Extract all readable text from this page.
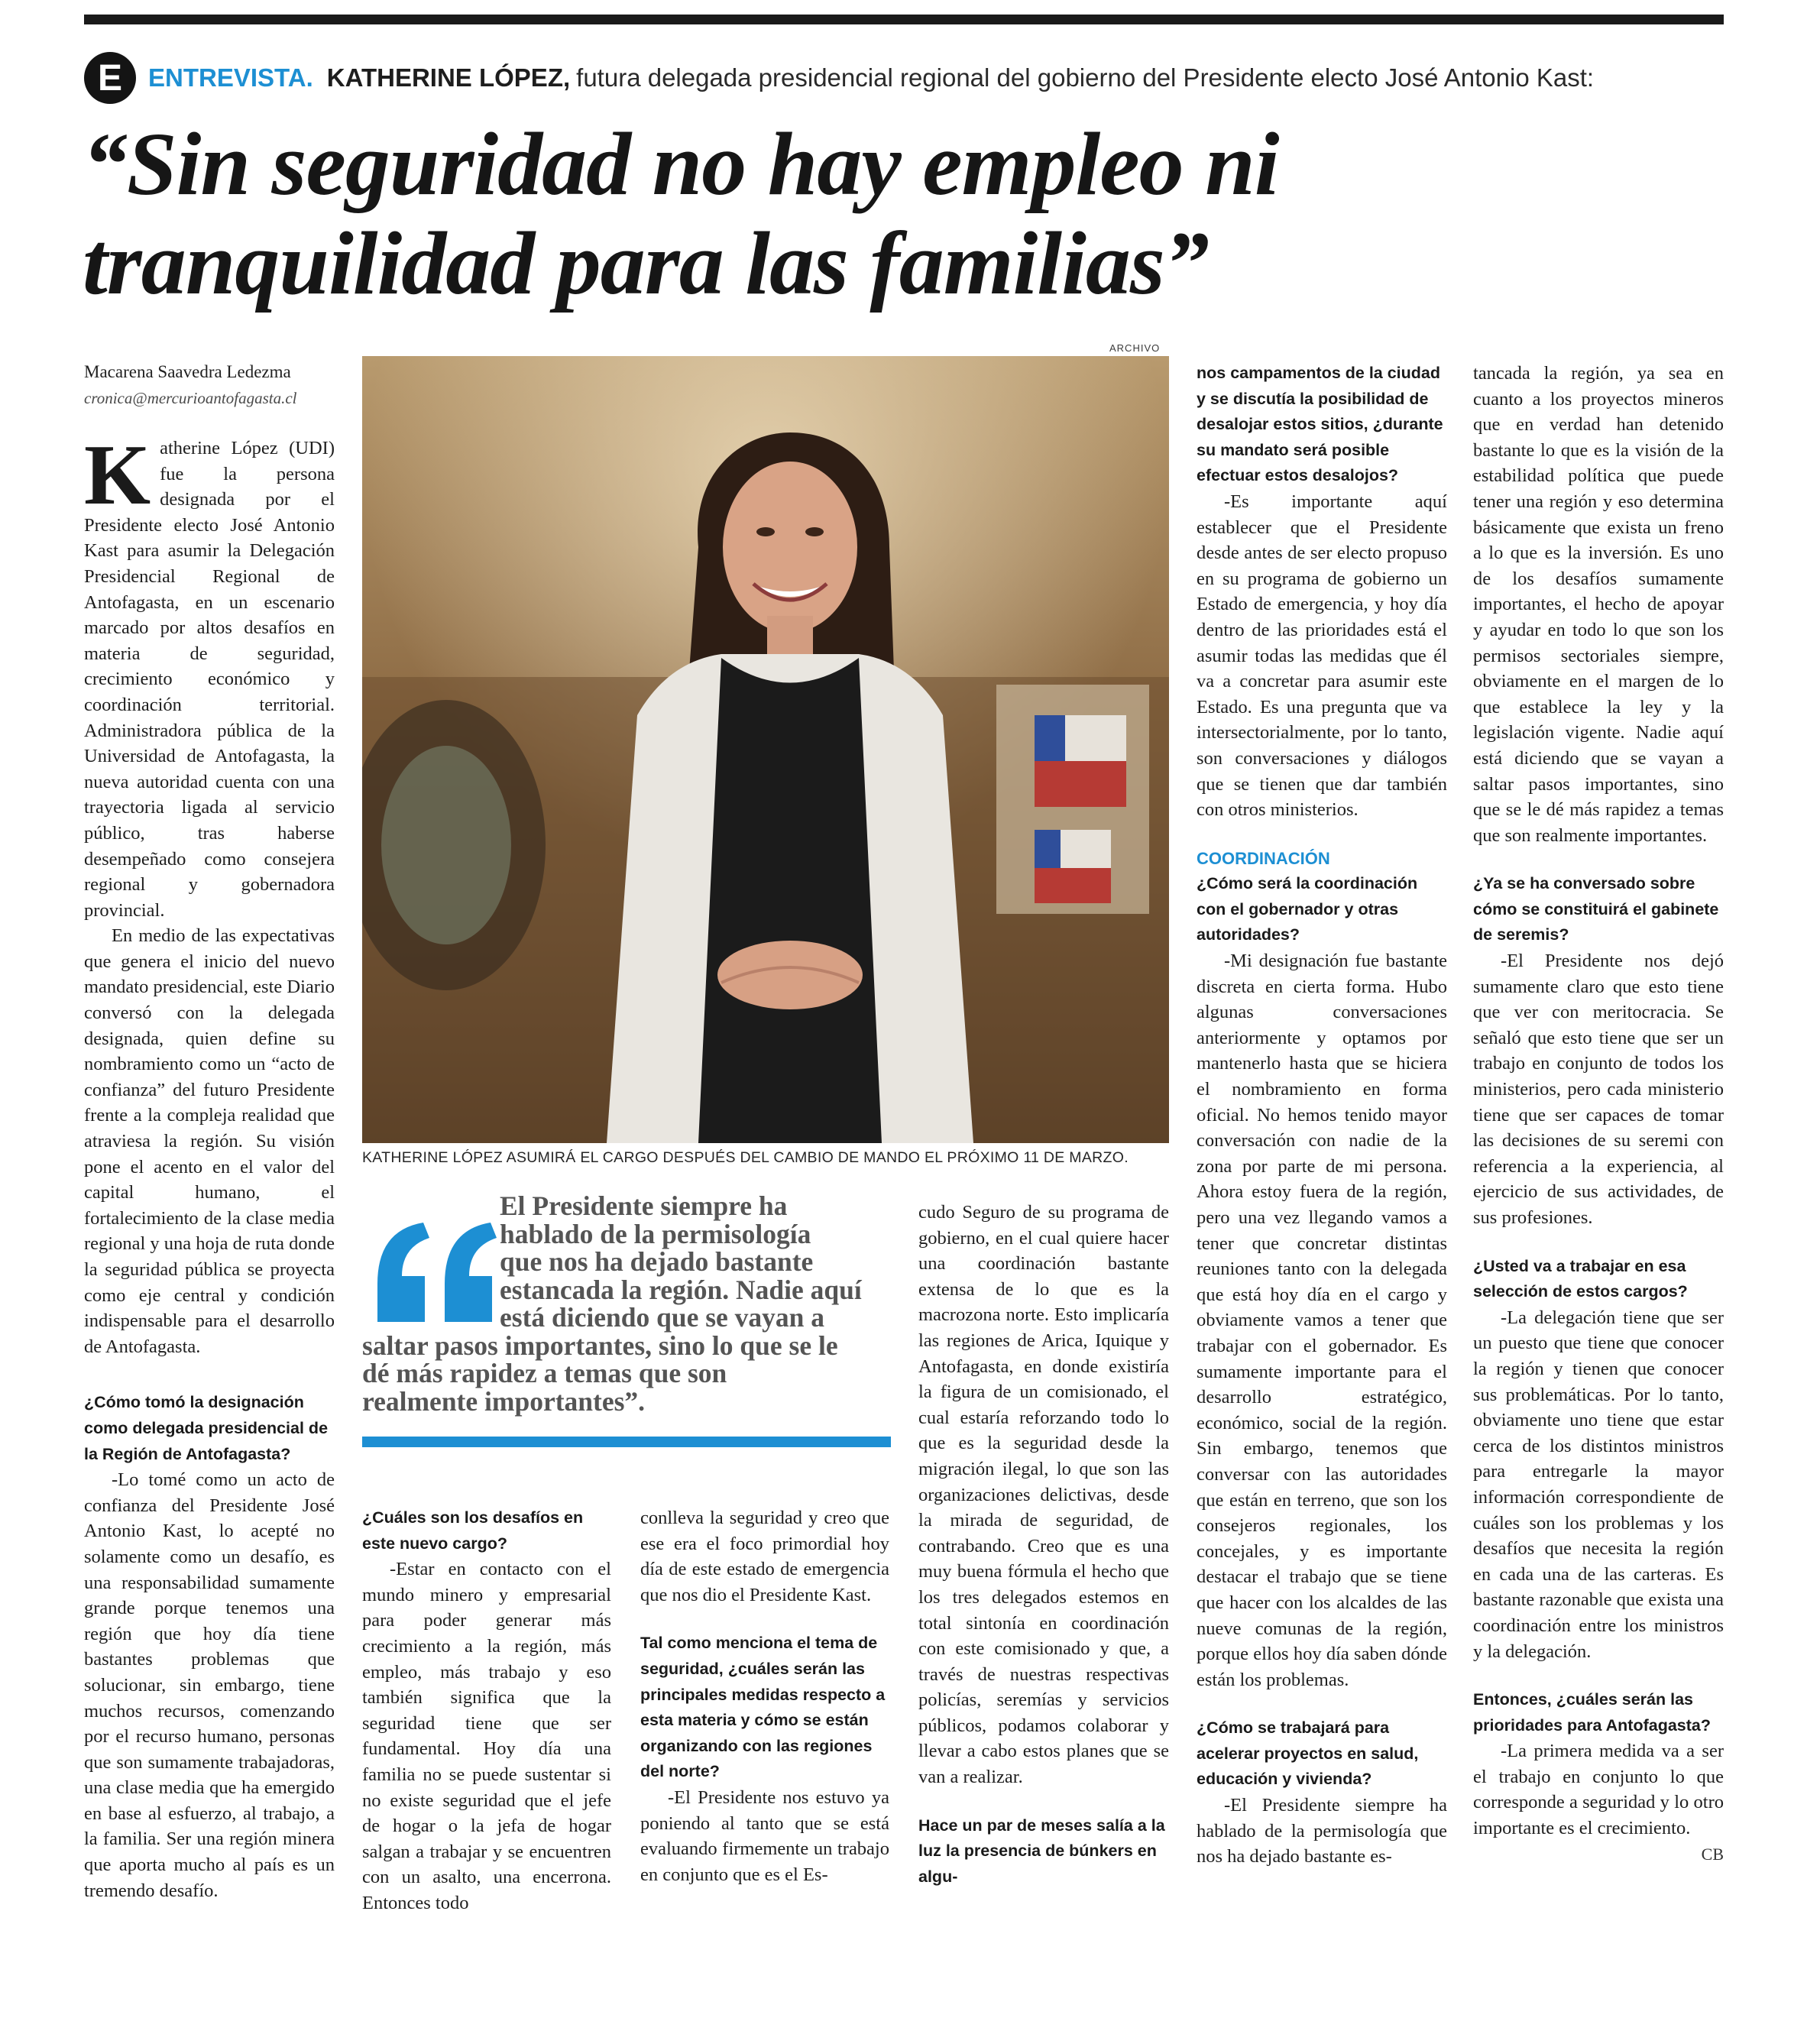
E	ENTREVISTA. KATHERINE LÓPEZ, futura delegada presidencial regional del gobierno del Presidente electo José Antonio Kast:
“Sin seguridad no hay empleo ni
tranquilidad para las familias”
Macarena Saavedra Ledezma
cronica@mercurioantofagasta.cl

Katherine López (UDI) fue la persona designada por el Presidente electo José Antonio Kast para asumir la Delegación Presidencial Regional de Antofagasta, en un escenario marcado por altos desafíos en materia de seguridad, crecimiento económico y coordinación territorial. Administradora pública de la Universidad de Antofagasta, la nueva autoridad cuenta con una trayectoria ligada al servicio público, tras haberse desempeñado como consejera regional y gobernadora provincial.

En medio de las expectativas que genera el inicio del nuevo mandato presidencial, este Diario conversó con la delegada designada, quien define su nombramiento como un “acto de confianza” del futuro Presidente frente a la compleja realidad que atraviesa la región. Su visión pone el acento en el valor del capital humano, el fortalecimiento de la clase media regional y una hoja de ruta donde la seguridad pública se proyecta como eje central y condición indispensable para el desarrollo de Antofagasta.

¿Cómo tomó la designación como delegada presidencial de la Región de Antofagasta?

-Lo tomé como un acto de confianza del Presidente José Antonio Kast, lo acepté no solamente como un desafío, es una responsabilidad sumamente grande porque tenemos una región que hoy día tiene bastantes problemas que solucionar, sin embargo, tiene muchos recursos, comenzando por el recurso humano, personas que son sumamente trabajadoras, una clase media que ha emergido en base al esfuerzo, al trabajo, a la familia. Ser una región minera que aporta mucho al país es un tremendo desafío.

ARCHIVO
KATHERINE LÓPEZ ASUMIRÁ EL CARGO DESPUÉS DEL CAMBIO DE MANDO EL PRÓXIMO 11 DE MARZO.
El Presidente siempre ha
hablado de la permisología
que nos ha dejado bastante
estancada la región. Nadie aquí
está diciendo que se vayan a
saltar pasos importantes, sino lo que se le
dé más rapidez a temas que son
realmente importantes”.

¿Cuáles son los desafíos en este nuevo cargo?

-Estar en contacto con el mundo minero y empresarial para poder generar más crecimiento a la región, más empleo, más trabajo y eso también significa que la seguridad tiene que ser fundamental. Hoy día una familia no se puede sustentar si no existe seguridad que el jefe de hogar o la jefa de hogar salgan a trabajar y se encuentren con un asalto, una encerrona. Entonces todo

conlleva la seguridad y creo que ese era el foco primordial hoy día de este estado de emergencia que nos dio el Presidente Kast.

Tal como menciona el tema de seguridad, ¿cuáles serán las principales medidas respecto a esta materia y cómo se están organizando con las regiones del norte?

-El Presidente nos estuvo ya poniendo al tanto que se está evaluando firmemente un trabajo en conjunto que es el Es-

cudo Seguro de su programa de gobierno, en el cual quiere hacer una coordinación bastante extensa de lo que es la macrozona norte. Esto implicaría las regiones de Arica, Iquique y Antofagasta, en donde existiría la figura de un comisionado, el cual estaría reforzando todo lo que es la seguridad desde la migración ilegal, lo que son las organizaciones delictivas, desde la mirada de seguridad, de contrabando. Creo que es una muy buena fórmula el hecho que los tres delegados estemos en total sintonía en coordinación con este comisionado y que, a través de nuestras respectivas policías, seremías y servicios públicos, podamos colaborar y llevar a cabo estos planes que se van a realizar.

Hace un par de meses salía a la luz la presencia de búnkers en algu-

nos campamentos de la ciudad y se discutía la posibilidad de desalojar estos sitios, ¿durante su mandato será posible efectuar estos desalojos?

-Es importante aquí establecer que el Presidente desde antes de ser electo propuso en su programa de gobierno un Estado de emergencia, y hoy día dentro de las prioridades está el asumir todas las medidas que él va a concretar para asumir este Estado. Es una pregunta que va intersectorialmente, por lo tanto, son conversaciones y diálogos que se tienen que dar también con otros ministerios.

COORDINACIÓN

¿Cómo será la coordinación con el gobernador y otras autoridades?

-Mi designación fue bastante discreta en cierta forma. Hubo algunas conversaciones anteriormente y optamos por mantenerlo hasta que se hiciera el nombramiento en forma oficial. No hemos tenido mayor conversación con nadie de la zona por parte de mi persona. Ahora estoy fuera de la región, pero una vez llegando vamos a tener que concretar distintas reuniones tanto con la delegada que está hoy día en el cargo y obviamente vamos a tener que trabajar con el gobernador. Es sumamente importante para el desarrollo estratégico, económico, social de la región. Sin embargo, tenemos que conversar con las autoridades que están en terreno, que son los consejeros regionales, los concejales, y es importante destacar el trabajo que se tiene que hacer con los alcaldes de las nueve comunas de la región, porque ellos hoy día saben dónde están los problemas.

¿Cómo se trabajará para acelerar proyectos en salud, educación y vivienda?

-El Presidente siempre ha hablado de la permisología que nos ha dejado bastante es-

tancada la región, ya sea en cuanto a los proyectos mineros que en verdad han detenido bastante lo que es la visión de la estabilidad política que puede tener una región y eso determina básicamente que exista un freno a lo que es la inversión. Es uno de los desafíos sumamente importantes, el hecho de apoyar y ayudar en todo lo que son los permisos sectoriales siempre, obviamente en el margen de lo que establece la ley y la legislación vigente. Nadie aquí está diciendo que se vayan a saltar pasos importantes, sino que se le dé más rapidez a temas que son realmente importantes.

¿Ya se ha conversado sobre cómo se constituirá el gabinete de seremis?

-El Presidente nos dejó sumamente claro que esto tiene que ver con meritocracia. Se señaló que esto tiene que ser un trabajo en conjunto de todos los ministerios, pero cada ministerio tiene que ser capaces de tomar las decisiones de su seremi con referencia a la experiencia, al ejercicio de sus actividades, de sus profesiones.

¿Usted va a trabajar en esa selección de estos cargos?

-La delegación tiene que ser un puesto que tiene que conocer la región y tienen que conocer sus problemáticas. Por lo tanto, obviamente uno tiene que estar cerca de los distintos ministros para entregarle la mayor información correspondiente de cuáles son los problemas y los desafíos que necesita la región en cada una de las carteras. Es bastante razonable que exista una coordinación entre los ministros y la delegación.

Entonces, ¿cuáles serán las prioridades para Antofagasta?

-La primera medida va a ser el trabajo en conjunto lo que corresponde a seguridad y lo otro importante es el crecimiento.
CB
